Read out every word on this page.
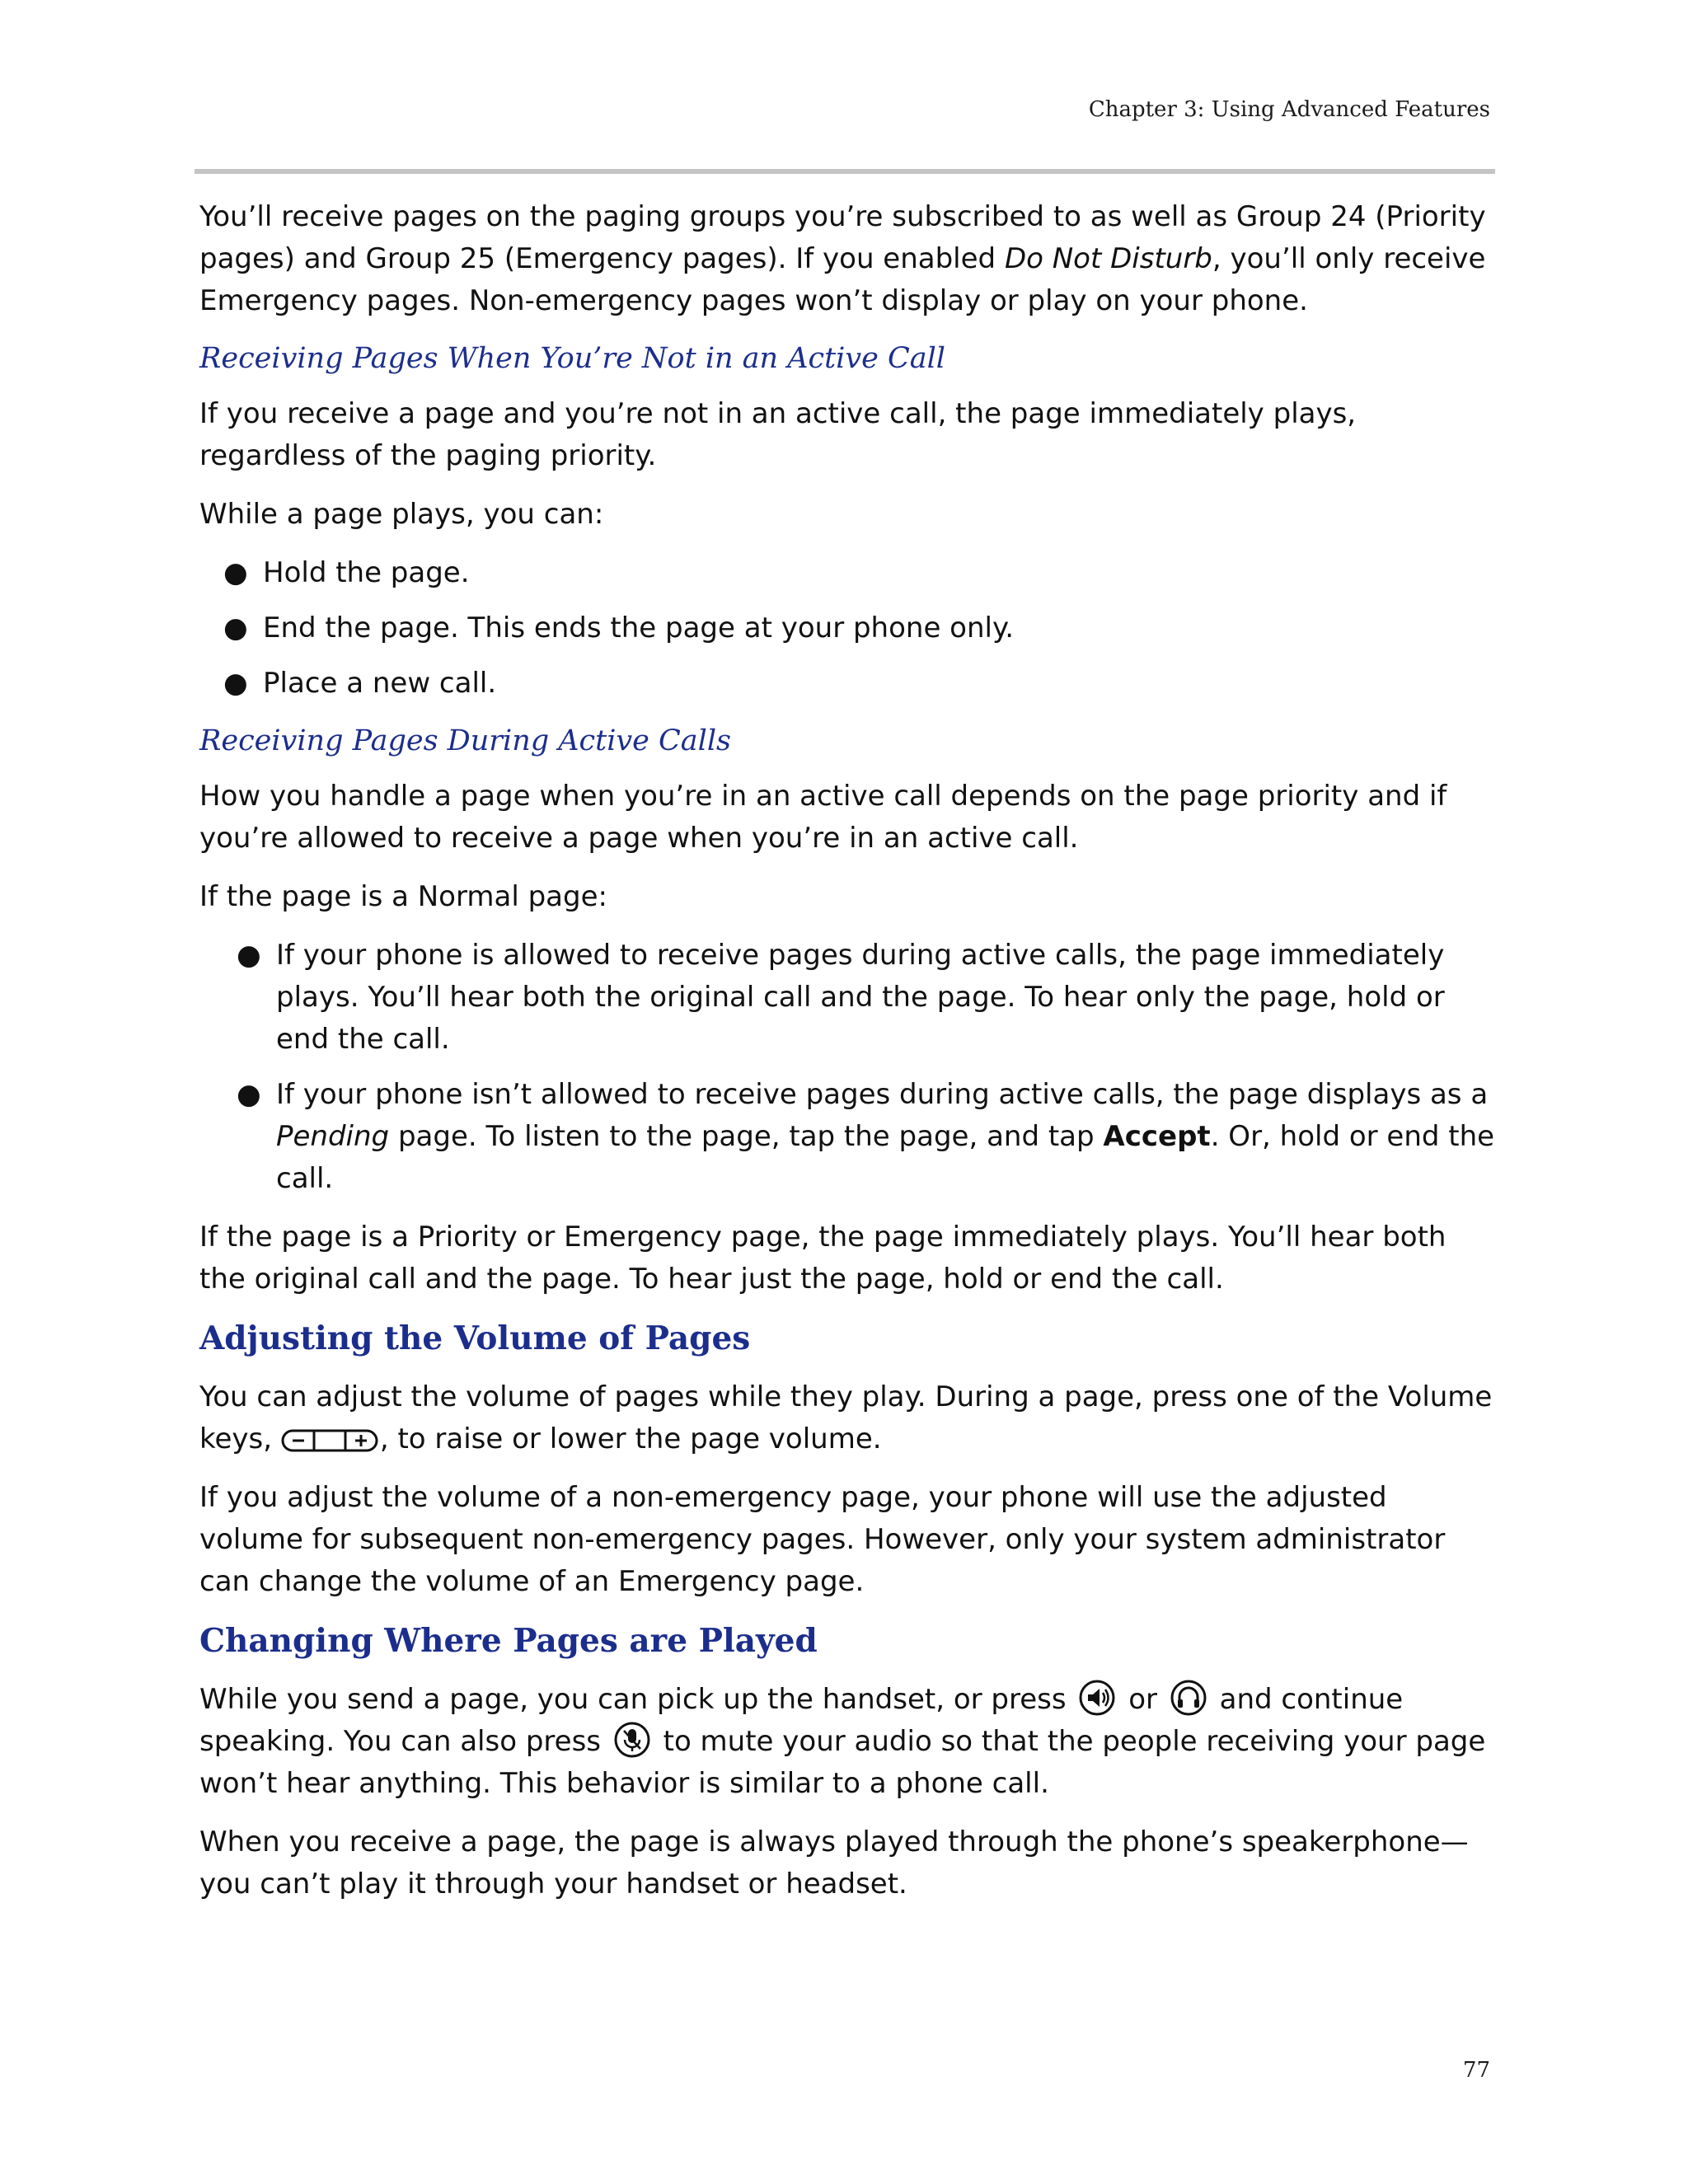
Chapter 3: Using Advanced Features

You’ll receive pages on the paging groups you’re subscribed to as well as Group 24 (Priority pages) and Group 25 (Emergency pages). If you enabled Do Not Disturb, you’ll only receive Emergency pages. Non-emergency pages won’t display or play on your phone.

Receiving Pages When You’re Not in an Active Call

If you receive a page and you’re not in an active call, the page immediately plays, regardless of the paging priority.

While a page plays, you can:

● Hold the page.
● End the page. This ends the page at your phone only.
● Place a new call.
Receiving Pages During Active Calls

How you handle a page when you’re in an active call depends on the page priority and if you’re allowed to receive a page when you’re in an active call.

If the page is a Normal page:

● If your phone is allowed to receive pages during active calls, the page immediately plays. You’ll hear both the original call and the page. To hear only the page, hold or end the call.
● If your phone isn’t allowed to receive pages during active calls, the page displays as a Pending page. To listen to the page, tap the page, and tap Accept. Or, hold or end the call.

If the page is a Priority or Emergency page, the page immediately plays. You’ll hear both the original call and the page. To hear just the page, hold or end the call.

Adjusting the Volume of Pages

You can adjust the volume of pages while they play. During a page, press one of the Volume keys,	, to raise or lower the page volume.

If you adjust the volume of a non-emergency page, your phone will use the adjusted volume for subsequent non-emergency pages. However, only your system administrator can change the volume of an Emergency page.

Changing Where Pages are Played

While you send a page, you can pick up the handset, or press  or  and continue speaking. You can also press  to mute your audio so that the people receiving your page won’t hear anything. This behavior is similar to a phone call.

When you receive a page, the page is always played through the phone’s speakerphone—you can’t play it through your handset or headset.

77
